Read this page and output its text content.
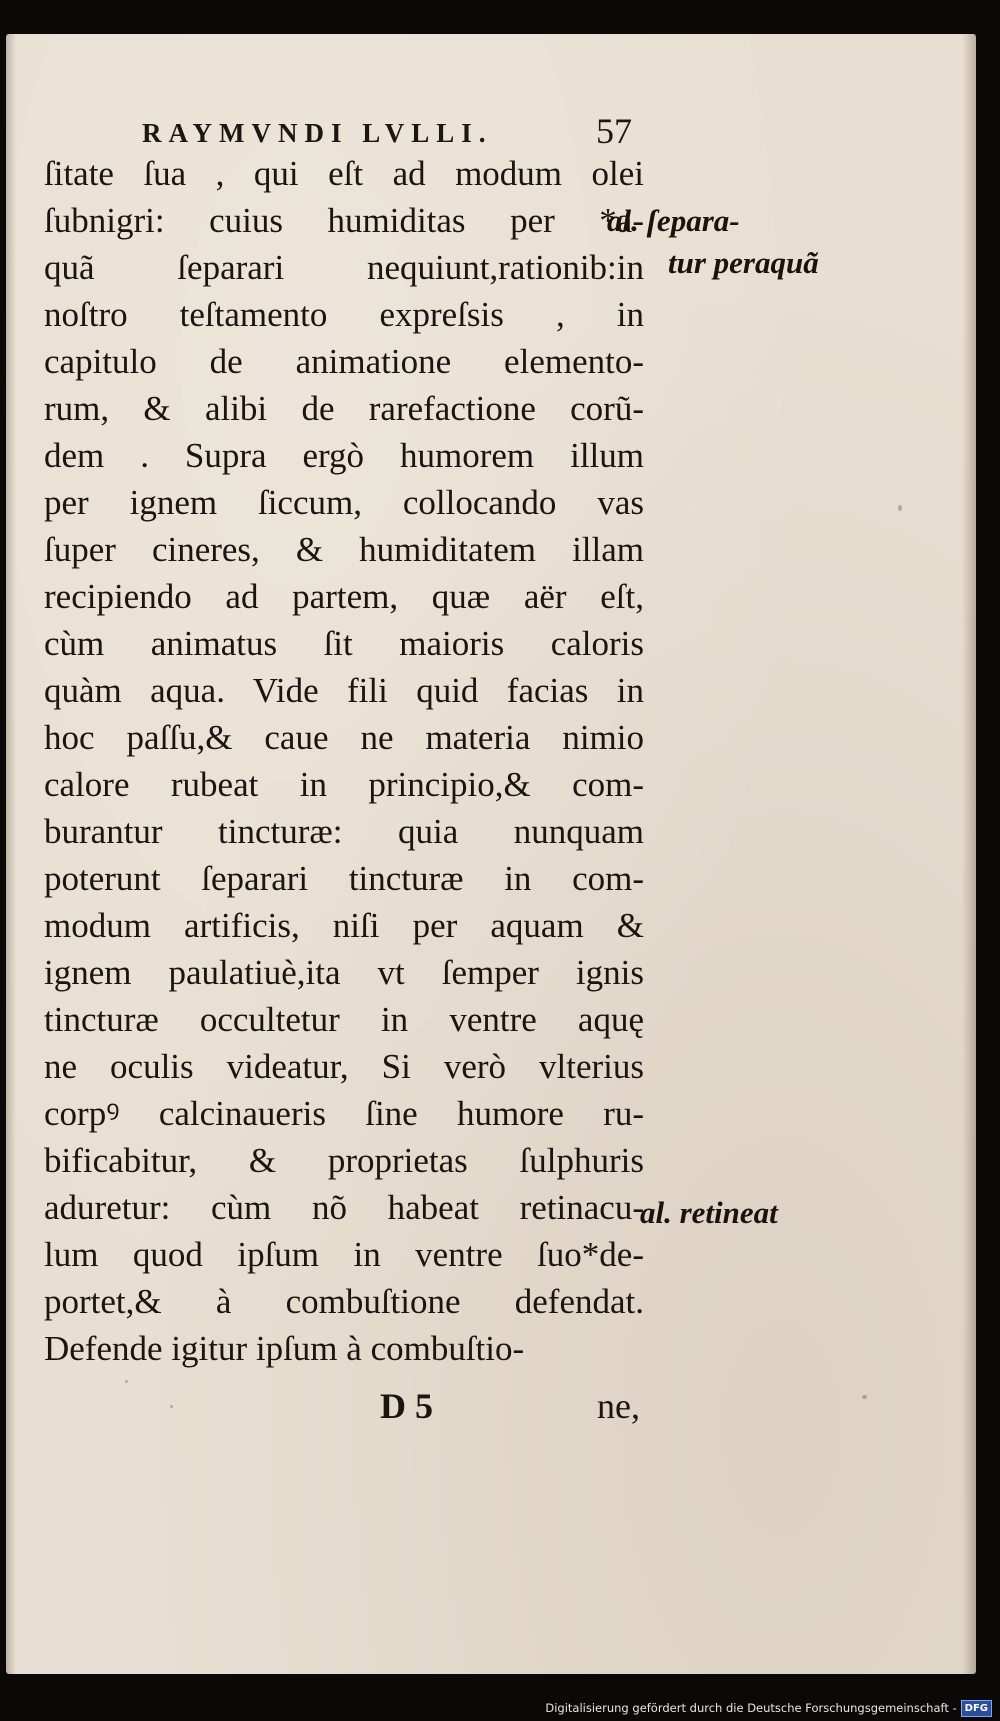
RAYMVNDI LVLLI.	57
ſitate ſua , qui eſt ad modum olei
ſubnigri: cuius humiditas per *a-
quã ſeparari nequiunt,rationib:in
noſtro teſtamento expreſsis , in
capitulo de animatione elemento-
rum, & alibi de rarefactione corũ-
dem . Supra ergò humorem illum
per ignem ſiccum, collocando vas
ſuper cineres, & humiditatem illam
recipiendo ad partem, quæ aër eſt,
cùm animatus ſit maioris caloris
quàm aqua. Vide fili quid facias in
hoc paſſu,& caue ne materia nimio
calore rubeat in principio,& com-
burantur tincturæ: quia nunquam
poterunt ſeparari tincturæ in com-
modum artificis, niſi per aquam &
ignem paulatiuè,ita vt ſemper ignis
tincturæ occultetur in ventre aquę
ne oculis videatur, Si verò vlterius
corpꝰ calcinaueris ſine humore ru-
bificabitur, & proprietas ſulphuris
aduretur: cùm nõ habeat retinacu-
lum quod ipſum in ventre ſuo*de-
portet,& à combuſtione defendat.
Defende igitur ipſum à combuſtio-
al. ſepara-
tur peraquã
al. retineat
D 5	ne,
Digitalisierung gefördert durch die Deutsche Forschungsgemeinschaft - DFG
